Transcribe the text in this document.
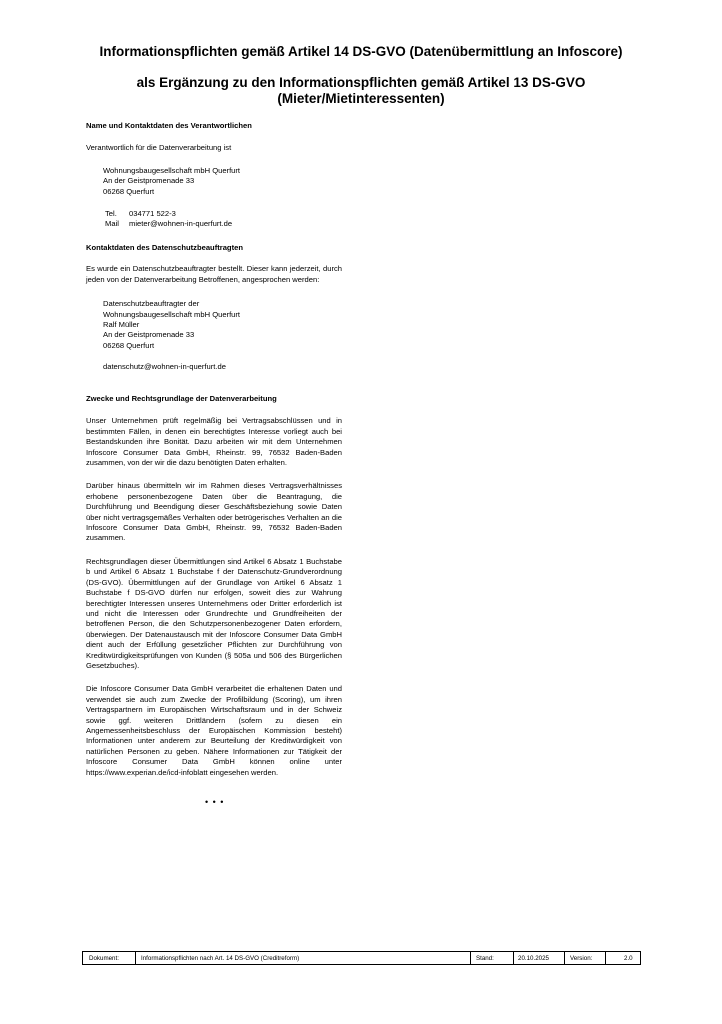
Informationspflichten gemäß Artikel 14 DS-GVO (Datenübermittlung an Infoscore)
als Ergänzung zu den Informationspflichten gemäß Artikel 13 DS-GVO
(Mieter/Mietinteressenten)
Name und Kontaktdaten des Verantwortlichen
Verantwortlich für die Datenverarbeitung ist
Wohnungsbaugesellschaft mbH Querfurt
An der Geistpromenade 33
06268 Querfurt
Tel. 034771 522-3
Mail mieter@wohnen-in-querfurt.de
Kontaktdaten des Datenschutzbeauftragten
Es wurde ein Datenschutzbeauftragter bestellt. Dieser kann jederzeit, durch jeden von der Datenverarbeitung Betroffenen, angesprochen werden:
Datenschutzbeauftragter der
Wohnungsbaugesellschaft mbH Querfurt
Ralf Müller
An der Geistpromenade 33
06268 Querfurt
datenschutz@wohnen-in-querfurt.de
Zwecke und Rechtsgrundlage der Datenverarbeitung
Unser Unternehmen prüft regelmäßig bei Vertragsabschlüssen und in bestimmten Fällen, in denen ein berechtigtes Interesse vorliegt auch bei Bestandskunden ihre Bonität. Dazu arbeiten wir mit dem Unternehmen Infoscore Consumer Data GmbH, Rheinstr. 99, 76532 Baden-Baden zusammen, von der wir die dazu benötigten Daten erhalten.
Darüber hinaus übermitteln wir im Rahmen dieses Vertragsverhältnisses erhobene personenbezogene Daten über die Beantragung, die Durchführung und Beendigung dieser Geschäftsbeziehung sowie Daten über nicht vertragsgemäßes Verhalten oder betrügerisches Verhalten an die Infoscore Consumer Data GmbH, Rheinstr. 99, 76532 Baden-Baden zusammen.
Rechtsgrundlagen dieser Übermittlungen sind Artikel 6 Absatz 1 Buchstabe b und Artikel 6 Absatz 1 Buchstabe f der Datenschutz-Grundverordnung (DS-GVO). Übermittlungen auf der Grundlage von Artikel 6 Absatz 1 Buchstabe f DS-GVO dürfen nur erfolgen, soweit dies zur Wahrung berechtigter Interessen unseres Unternehmens oder Dritter erforderlich ist und nicht die Interessen oder Grundrechte und Grundfreiheiten der betroffenen Person, die den Schutzpersonenbezogener Daten erfordern, überwiegen. Der Datenaustausch mit der Infoscore Consumer Data GmbH dient auch der Erfüllung gesetzlicher Pflichten zur Durchführung von Kreditwürdigkeitsprüfungen von Kunden (§ 505a und 506 des Bürgerlichen Gesetzbuches).
Die Infoscore Consumer Data GmbH verarbeitet die erhaltenen Daten und verwendet sie auch zum Zwecke der Profilbildung (Scoring), um ihren Vertragspartnern im Europäischen Wirtschaftsraum und in der Schweiz sowie ggf. weiteren Drittländern (sofern zu diesen ein Angemessenheitsbeschluss der Europäischen Kommission besteht) Informationen unter anderem zur Beurteilung der Kreditwürdigkeit von natürlichen Personen zu geben. Nähere Informationen zur Tätigkeit der Infoscore Consumer Data GmbH können online unter https://www.experian.de/icd-infoblatt eingesehen werden.
• • •
Dokument:	Informationspflichten nach Art. 14 DS-GVO (Creditreform)	Stand:	20.10.2025	Version:	2.0
